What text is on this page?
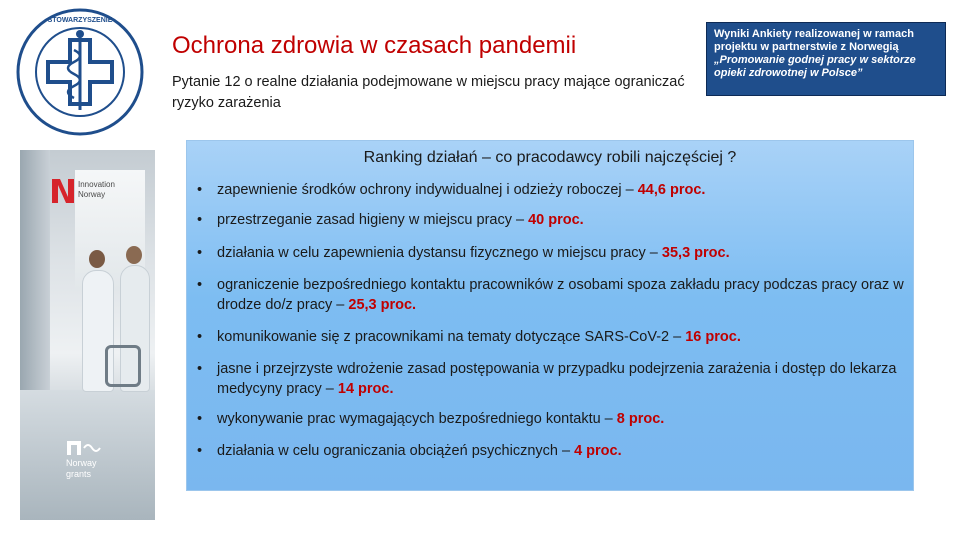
STOWARZYSZENIE
Ochrona zdrowia w czasach pandemii

Pytanie 12 o realne działania podejmowane w miejscu pracy mające ograniczać ryzyko zarażenia

Wyniki Ankiety realizowanej w ramach projektu w partnerstwie z Norwegią „Promowanie godnej pracy w sektorze opieki zdrowotnej w Polsce”
Innovation
Norway
Norway
grants
Ranking działań – co pracodawcy robili najczęściej ?
•	zapewnienie środków ochrony indywidualnej i odzieży roboczej – 44,6 proc.
•	przestrzeganie zasad higieny w miejscu pracy – 40 proc.
•	działania w celu zapewnienia dystansu fizycznego w miejscu pracy – 35,3 proc.
•	ograniczenie bezpośredniego kontaktu pracowników z osobami spoza zakładu pracy podczas pracy oraz w drodze do/z pracy – 25,3 proc.
•	komunikowanie się z pracownikami na tematy dotyczące SARS-CoV-2 – 16 proc.
•	jasne i przejrzyste wdrożenie zasad postępowania w przypadku podejrzenia zarażenia i dostęp do lekarza medycyny pracy – 14 proc.
•	wykonywanie prac wymagających bezpośredniego kontaktu – 8 proc.
•	działania w celu ograniczania obciążeń psychicznych – 4 proc.
